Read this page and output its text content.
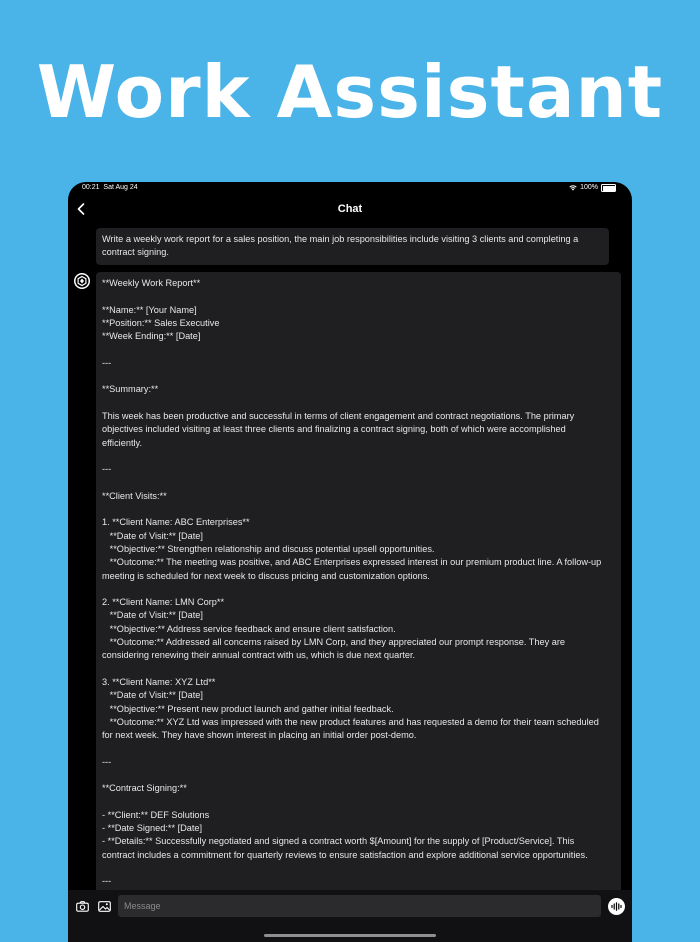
Work Assistant
00:21 Sat Aug 24	100%
Chat
Write a weekly work report for a sales position, the main job responsibilities include visiting 3 clients and completing a contract signing.
**Weekly Work Report**
**Name:** [Your Name]
**Position:** Sales Executive
**Week Ending:** [Date]
---
**Summary:**
This week has been productive and successful in terms of client engagement and contract negotiations. The primary
objectives included visiting at least three clients and finalizing a contract signing, both of which were accomplished
efficiently.
---
**Client Visits:**
1. **Client Name: ABC Enterprises**
**Date of Visit:** [Date]
**Objective:** Strengthen relationship and discuss potential upsell opportunities.
**Outcome:** The meeting was positive, and ABC Enterprises expressed interest in our premium product line. A follow-up
meeting is scheduled for next week to discuss pricing and customization options.
2. **Client Name: LMN Corp**
**Date of Visit:** [Date]
**Objective:** Address service feedback and ensure client satisfaction.
**Outcome:** Addressed all concerns raised by LMN Corp, and they appreciated our prompt response. They are
considering renewing their annual contract with us, which is due next quarter.
3. **Client Name: XYZ Ltd**
**Date of Visit:** [Date]
**Objective:** Present new product launch and gather initial feedback.
**Outcome:** XYZ Ltd was impressed with the new product features and has requested a demo for their team scheduled
for next week. They have shown interest in placing an initial order post-demo.
---
**Contract Signing:**
- **Client:** DEF Solutions
- **Date Signed:** [Date]
- **Details:** Successfully negotiated and signed a contract worth $[Amount] for the supply of [Product/Service]. This
contract includes a commitment for quarterly reviews to ensure satisfaction and explore additional service opportunities.
---
Message
